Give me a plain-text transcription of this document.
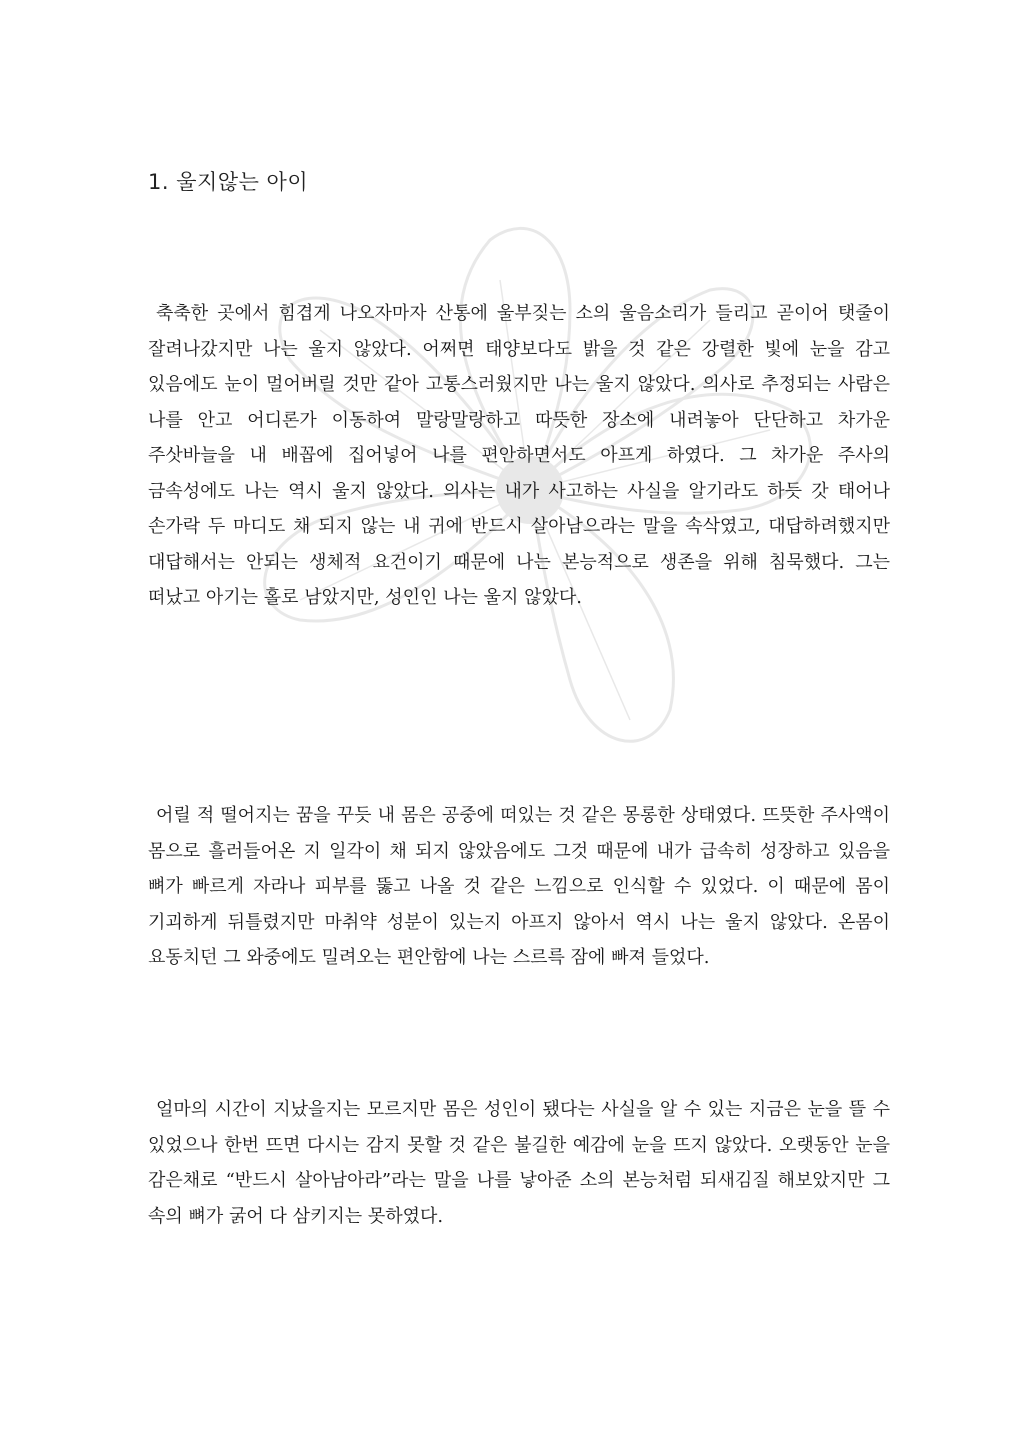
1. 울지않는 아이

축축한 곳에서 힘겹게 나오자마자 산통에 울부짖는 소의 울음소리가 들리고 곧이어 탯줄이 잘려나갔지만 나는 울지 않았다. 어쩌면 태양보다도 밝을 것 같은 강렬한 빛에 눈을 감고 있음에도 눈이 멀어버릴 것만 같아 고통스러웠지만 나는 울지 않았다. 의사로 추정되는 사람은 나를 안고 어디론가 이동하여 말랑말랑하고 따뜻한 장소에 내려놓아 단단하고 차가운 주삿바늘을 내 배꼽에 집어넣어 나를 편안하면서도 아프게 하였다. 그 차가운 주사의 금속성에도 나는 역시 울지 않았다. 의사는 내가 사고하는 사실을 알기라도 하듯 갓 태어나 손가락 두 마디도 채 되지 않는 내 귀에 반드시 살아남으라는 말을 속삭였고, 대답하려했지만 대답해서는 안되는 생체적 요건이기 때문에 나는 본능적으로 생존을 위해 침묵했다. 그는 떠났고 아기는 홀로 남았지만, 성인인 나는 울지 않았다.

어릴 적 떨어지는 꿈을 꾸듯 내 몸은 공중에 떠있는 것 같은 몽롱한 상태였다. 뜨뜻한 주사액이 몸으로 흘러들어온 지 일각이 채 되지 않았음에도 그것 때문에 내가 급속히 성장하고 있음을 뼈가 빠르게 자라나 피부를 뚫고 나올 것 같은 느낌으로 인식할 수 있었다. 이 때문에 몸이 기괴하게 뒤틀렸지만 마취약 성분이 있는지 아프지 않아서 역시 나는 울지 않았다. 온몸이 요동치던 그 와중에도 밀려오는 편안함에 나는 스르륵 잠에 빠져 들었다.

얼마의 시간이 지났을지는 모르지만 몸은 성인이 됐다는 사실을 알 수 있는 지금은 눈을 뜰 수 있었으나 한번 뜨면 다시는 감지 못할 것 같은 불길한 예감에 눈을 뜨지 않았다. 오랫동안 눈을 감은채로 “반드시 살아남아라”라는 말을 나를 낳아준 소의 본능처럼 되새김질 해보았지만 그 속의 뼈가 굵어 다 삼키지는 못하였다.
